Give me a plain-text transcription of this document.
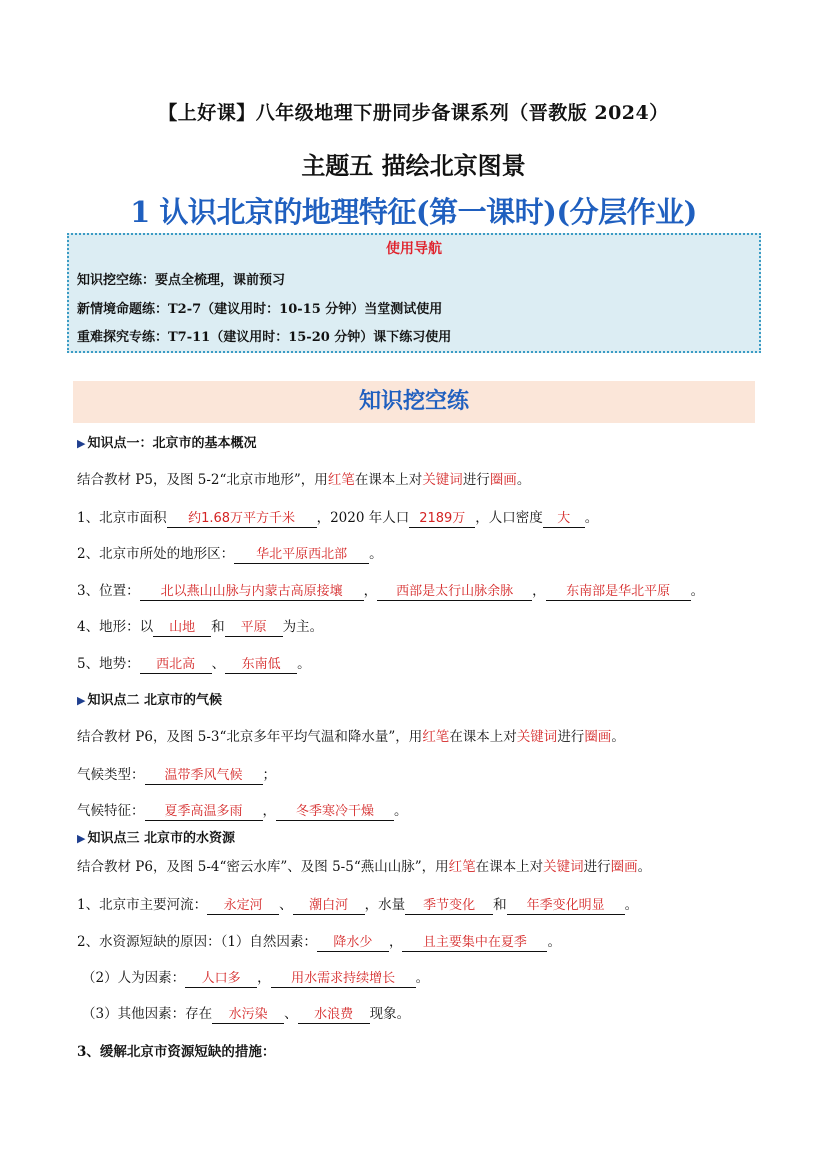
【上好课】八年级地理下册同步备课系列（晋教版 2024）
主题五 描绘北京图景
1 认识北京的地理特征(第一课时)(分层作业)
使用导航
知识挖空练：要点全梳理，课前预习
新情境命题练：T2-7（建议用时：10-15 分钟）当堂测试使用
重难探究专练：T7-11（建议用时：15-20 分钟）课下练习使用
知识挖空练
▶ 知识点一：北京市的基本概况
结合教材 P5，及图 5-2“北京市地形”，用红笔在课本上对关键词进行圈画。
1、北京市面积 约1.68万平方千米 ，2020 年人口 2189万 ，人口密度 大 。
2、北京市所处的地形区： 华北平原西北部 。
3、位置： 北以燕山山脉与内蒙古高原接壤 ， 西部是太行山脉余脉 ， 东南部是华北平原 。
4、地形：以 山地 和 平原 为主。
5、地势： 西北高 、 东南低 。
▶ 知识点二 北京市的气候
结合教材 P6，及图 5-3“北京多年平均气温和降水量”，用红笔在课本上对关键词进行圈画。
气候类型： 温带季风气候 ；
气候特征： 夏季高温多雨 ， 冬季寒冷干燥 。
▶ 知识点三 北京市的水资源
结合教材 P6，及图 5-4“密云水库”、及图 5-5“燕山山脉”，用红笔在课本上对关键词进行圈画。
1、北京市主要河流： 永定河 、 潮白河 ，水量 季节变化 和 年季变化明显 。
2、水资源短缺的原因：（1）自然因素： 降水少 ， 且主要集中在夏季 。
（2）人为因素： 人口多 ， 用水需求持续增长 。
（3）其他因素：存在 水污染 、 水浪费 现象。
3、缓解北京市资源短缺的措施：
